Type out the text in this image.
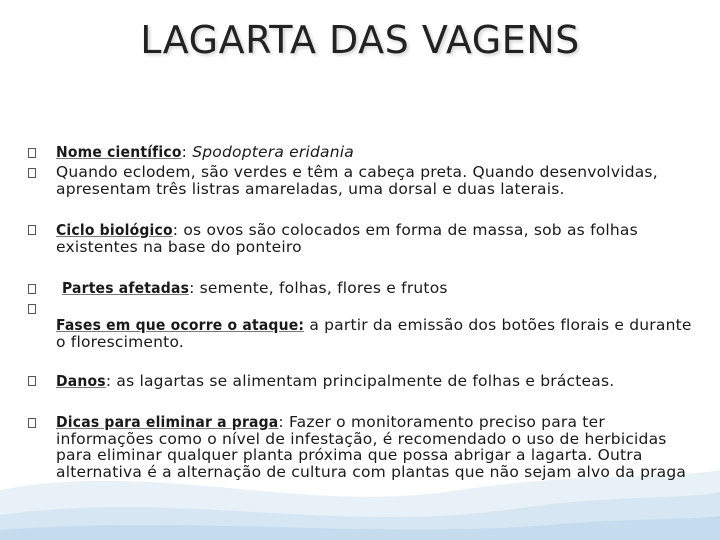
LAGARTA DAS VAGENS
Nome científico: Spodoptera eridania
Quando eclodem, são verdes e têm a cabeça preta. Quando desenvolvidas, apresentam três listras amareladas, uma dorsal e duas laterais.
Ciclo biológico: os ovos são colocados em forma de massa, sob as folhas existentes na base do ponteiro
Partes afetadas: semente, folhas, flores e frutos
Fases em que ocorre o ataque: a partir da emissão dos botões florais e durante o florescimento.
Danos: as lagartas se alimentam principalmente de folhas e brácteas.
Dicas para eliminar a praga: Fazer o monitoramento preciso para ter informações como o nível de infestação, é recomendado o uso de herbicidas para eliminar qualquer planta próxima que possa abrigar a lagarta. Outra alternativa é a alternação de cultura com plantas que não sejam alvo da praga
